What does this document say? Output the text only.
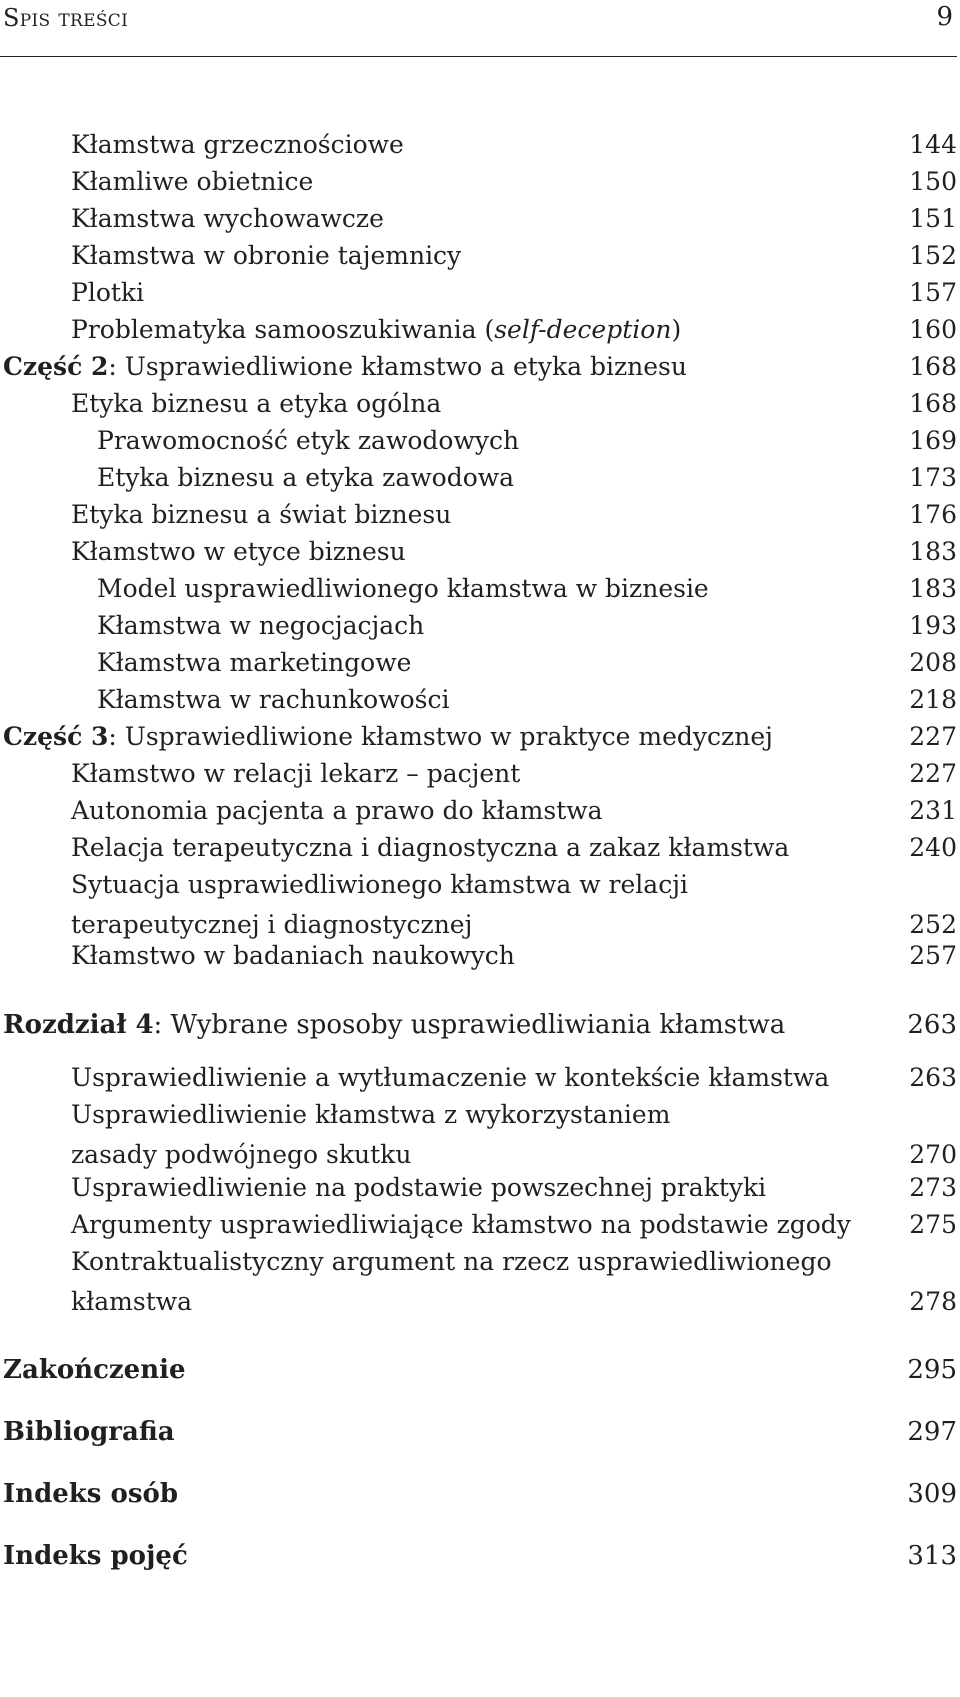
Spis treści	9
Kłamstwa grzecznościowe	144
Kłamliwe obietnice	150
Kłamstwa wychowawcze	151
Kłamstwa w obronie tajemnicy	152
Plotki	157
Problematyka samooszukiwania (self-deception)	160
Część 2: Usprawiedliwione kłamstwo a etyka biznesu	168
Etyka biznesu a etyka ogólna	168
Prawomocność etyk zawodowych	169
Etyka biznesu a etyka zawodowa	173
Etyka biznesu a świat biznesu	176
Kłamstwo w etyce biznesu	183
Model usprawiedliwionego kłamstwa w biznesie	183
Kłamstwa w negocjacjach	193
Kłamstwa marketingowe	208
Kłamstwa w rachunkowości	218
Część 3: Usprawiedliwione kłamstwo w praktyce medycznej	227
Kłamstwo w relacji lekarz – pacjent	227
Autonomia pacjenta a prawo do kłamstwa	231
Relacja terapeutyczna i diagnostyczna a zakaz kłamstwa	240
Sytuacja usprawiedliwionego kłamstwa w relacji
terapeutycznej i diagnostycznej	252
Kłamstwo w badaniach naukowych	257
Rozdział 4: Wybrane sposoby usprawiedliwiania kłamstwa	263
Usprawiedliwienie a wytłumaczenie w kontekście kłamstwa	263
Usprawiedliwienie kłamstwa z wykorzystaniem
zasady podwójnego skutku	270
Usprawiedliwienie na podstawie powszechnej praktyki	273
Argumenty usprawiedliwiające kłamstwo na podstawie zgody 275
Kontraktualistyczny argument na rzecz usprawiedliwionego
kłamstwa	278
Zakończenie	295
Bibliografia	297
Indeks osób	309
Indeks pojęć	313
